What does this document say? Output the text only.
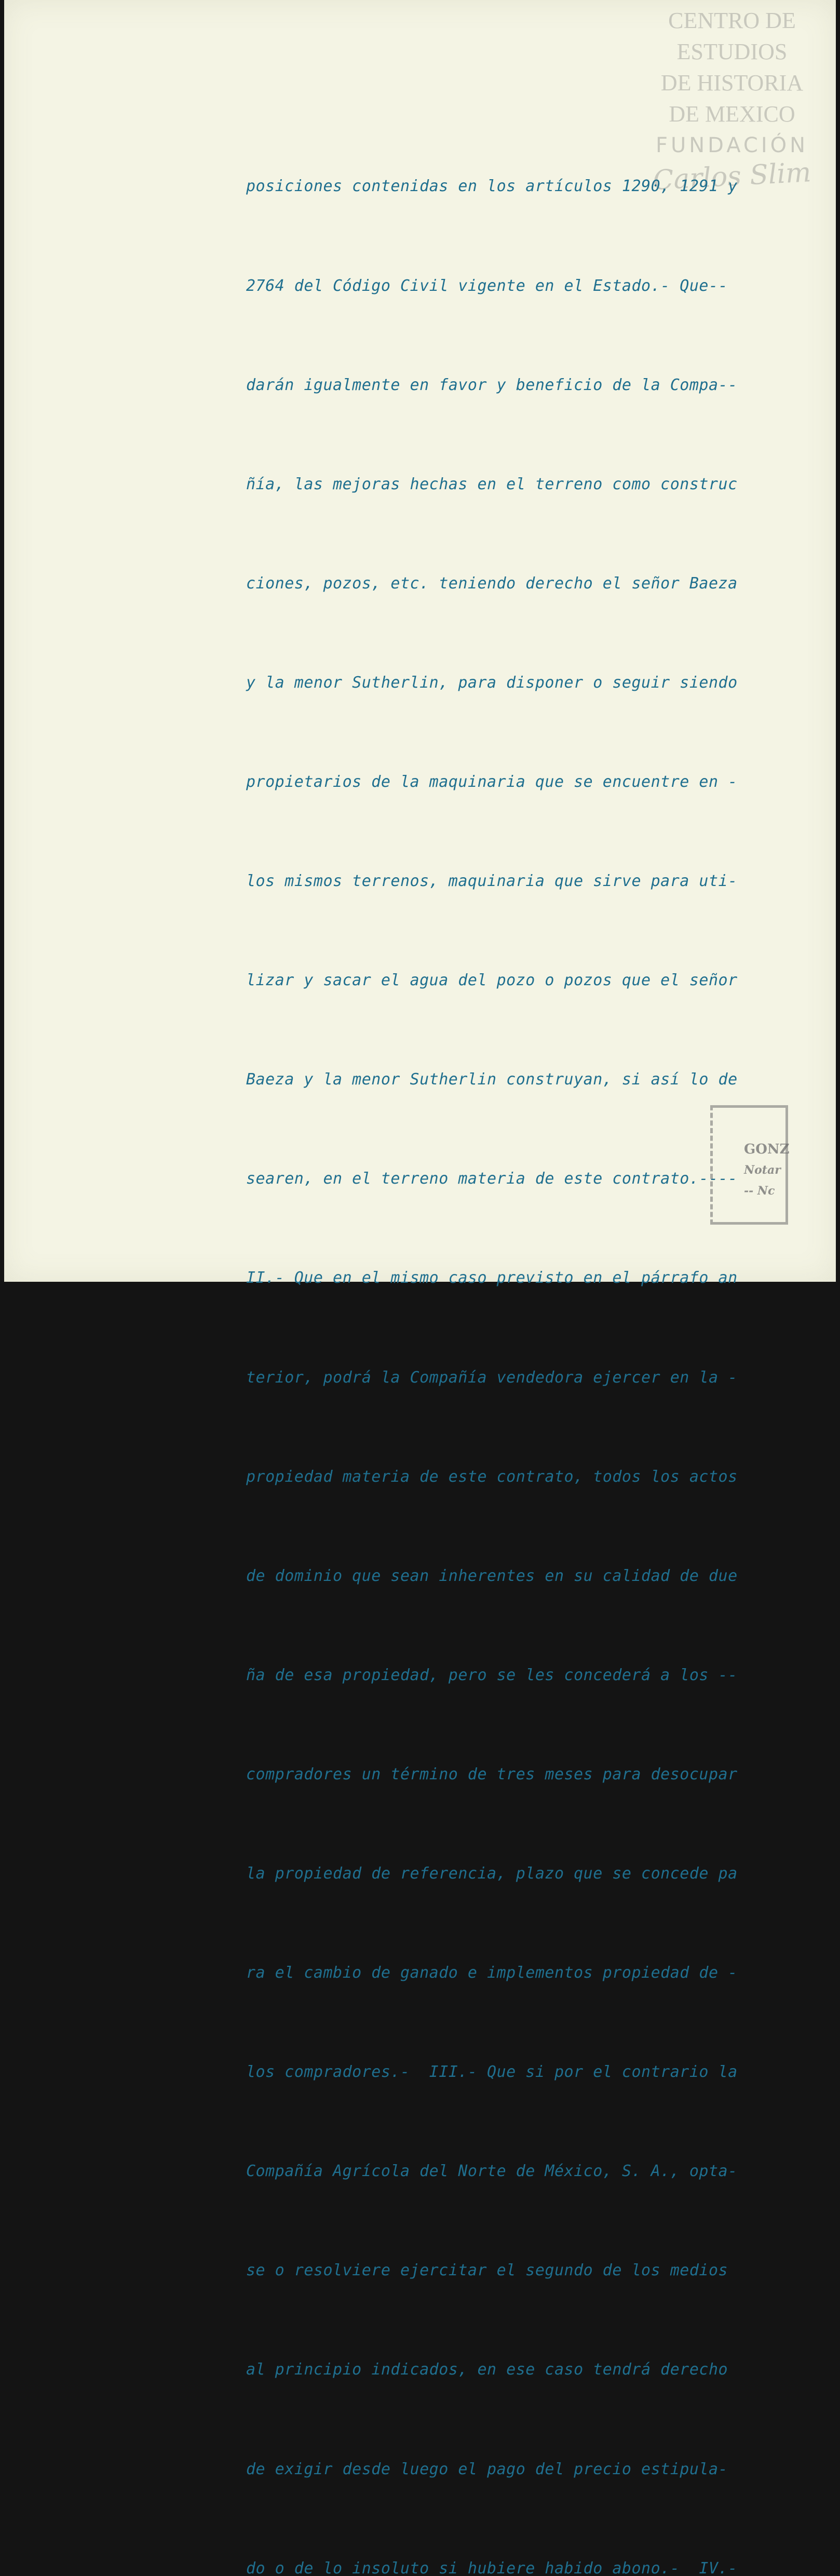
CENTRO DE
ESTUDIOS
DE HISTORIA
DE MEXICO
FUNDACIÓN
Carlos Slim

posiciones contenidas en los artículos 1290, 1291 y

2764 del Código Civil vigente en el Estado.- Que--

darán igualmente en favor y beneficio de la Compa--

ñía, las mejoras hechas en el terreno como construc

ciones, pozos, etc. teniendo derecho el señor Baeza

y la menor Sutherlin, para disponer o seguir siendo

propietarios de la maquinaria que se encuentre en -

los mismos terrenos, maquinaria que sirve para uti-

lizar y sacar el agua del pozo o pozos que el señor

Baeza y la menor Sutherlin construyan, si así lo de

searen, en el terreno materia de este contrato.----

II.- Que en el mismo caso previsto en el párrafo an

terior, podrá la Compañía vendedora ejercer en la -

propiedad materia de este contrato, todos los actos

de dominio que sean inherentes en su calidad de due

ña de esa propiedad, pero se les concederá a los --

compradores un término de tres meses para desocupar

la propiedad de referencia, plazo que se concede pa

ra el cambio de ganado e implementos propiedad de -

los compradores.-  III.- Que si por el contrario la

Compañía Agrícola del Norte de México, S. A., opta-

se o resolviere ejercitar el segundo de los medios

al principio indicados, en ese caso tendrá derecho

de exigir desde luego el pago del precio estipula-

do o de lo insoluto si hubiere habido abono.-  IV.-

GONZ
Notar
-- Nc
